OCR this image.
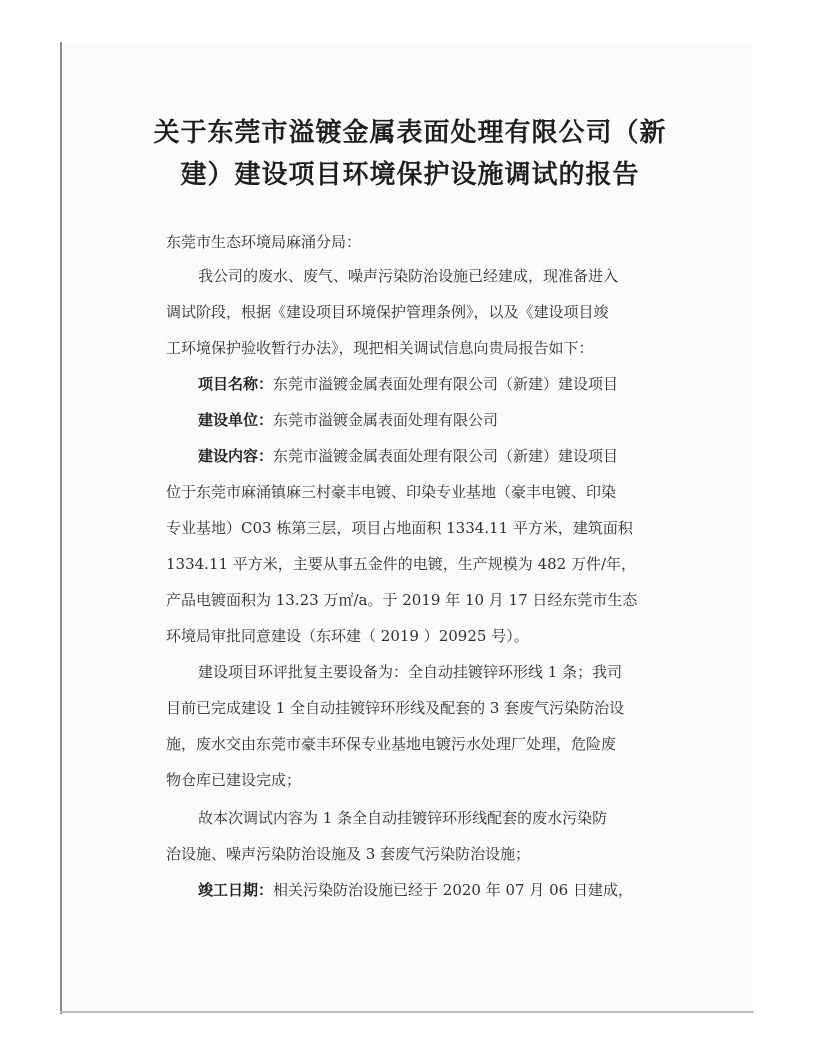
关于东莞市溢镀金属表面处理有限公司（新
建）建设项目环境保护设施调试的报告
东莞市生态环境局麻涌分局：
我公司的废水、废气、噪声污染防治设施已经建成，现准备进入
调试阶段，根据《建设项目环境保护管理条例》，以及《建设项目竣
工环境保护验收暂行办法》，现把相关调试信息向贵局报告如下：
项目名称：东莞市溢镀金属表面处理有限公司（新建）建设项目
建设单位：东莞市溢镀金属表面处理有限公司
建设内容：东莞市溢镀金属表面处理有限公司（新建）建设项目
位于东莞市麻涌镇麻三村豪丰电镀、印染专业基地（豪丰电镀、印染
专业基地）C03 栋第三层，项目占地面积 1334.11 平方米，建筑面积
1334.11 平方米，主要从事五金件的电镀，生产规模为 482 万件/年，
产品电镀面积为 13.23 万㎡/a。于 2019 年 10 月 17 日经东莞市生态
环境局审批同意建设（东环建（ 2019 ）20925 号）。
建设项目环评批复主要设备为：全自动挂镀锌环形线 1 条；我司
目前已完成建设 1 全自动挂镀锌环形线及配套的 3 套废气污染防治设
施，废水交由东莞市豪丰环保专业基地电镀污水处理厂处理，危险废
物仓库已建设完成；
故本次调试内容为 1 条全自动挂镀锌环形线配套的废水污染防
治设施、噪声污染防治设施及 3 套废气污染防治设施；
竣工日期：相关污染防治设施已经于 2020 年 07 月 06 日建成，
